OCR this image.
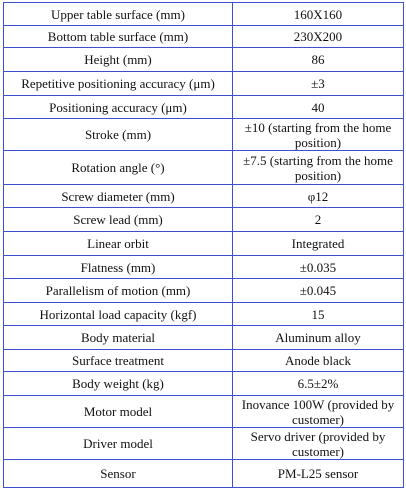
Upper table surface (mm)	160X160
Bottom table surface (mm)	230X200
Height (mm)	86
Repetitive positioning accuracy (μm)	±3
Positioning accuracy (μm)	40
Stroke (mm)	±10 (starting from the home position)
Rotation angle (°)	±7.5 (starting from the home position)
Screw diameter (mm)	φ12
Screw lead (mm)	2
Linear orbit	Integrated
Flatness (mm)	±0.035
Parallelism of motion (mm)	±0.045
Horizontal load capacity (kgf)	15
Body material	Aluminum alloy
Surface treatment	Anode black
Body weight (kg)	6.5±2%
Motor model	Inovance 100W (provided by customer)
Driver model	Servo driver (provided by customer)
Sensor	PM-L25 sensor
